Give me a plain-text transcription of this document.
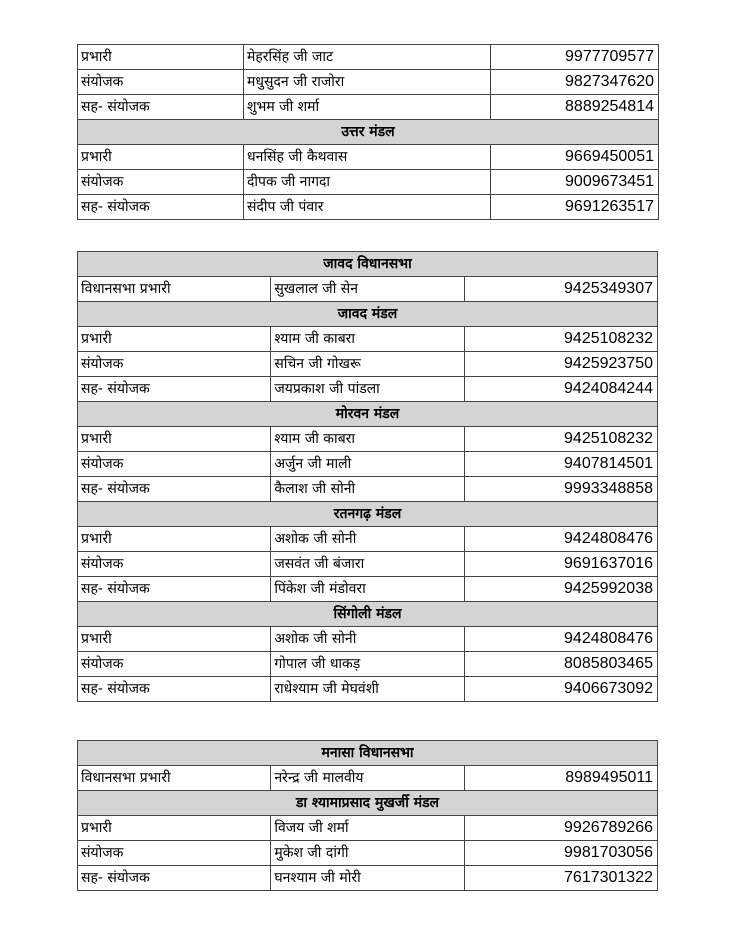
प्रभारी	मेहरसिंह जी जाट	9977709577
संयोजक	मधुसुदन जी राजोरा	9827347620
सह- संयोजक	शुभम जी शर्मा	8889254814
उत्तर मंडल		
प्रभारी	धनसिंह जी कैथवास	9669450051
संयोजक	दीपक जी नागदा	9009673451
सह- संयोजक	संदीप जी पंवार	9691263517
जावद विधानसभा		
विधानसभा प्रभारी	सुखलाल जी सेन	9425349307
जावद मंडल		
प्रभारी	श्याम जी काबरा	9425108232
संयोजक	सचिन जी गोखरू	9425923750
सह- संयोजक	जयप्रकाश जी पांडला	9424084244
मोरवन मंडल		
प्रभारी	श्याम जी काबरा	9425108232
संयोजक	अर्जुन जी माली	9407814501
सह- संयोजक	कैलाश जी सोनी	9993348858
रतनगढ़ मंडल		
प्रभारी	अशोक जी सोनी	9424808476
संयोजक	जसवंत जी बंजारा	9691637016
सह- संयोजक	पिंकेश जी मंडोवरा	9425992038
सिंगोली मंडल		
प्रभारी	अशोक जी सोनी	9424808476
संयोजक	गोपाल जी धाकड़	8085803465
सह- संयोजक	राधेश्याम जी मेघवंशी	9406673092
मनासा विधानसभा		
विधानसभा प्रभारी	नरेन्द्र जी मालवीय	8989495011
डा श्यामाप्रसाद मुखर्जी मंडल		
प्रभारी	विजय जी शर्मा	9926789266
संयोजक	मुकेश जी दांगी	9981703056
सह- संयोजक	घनश्याम जी मोरी	7617301322
